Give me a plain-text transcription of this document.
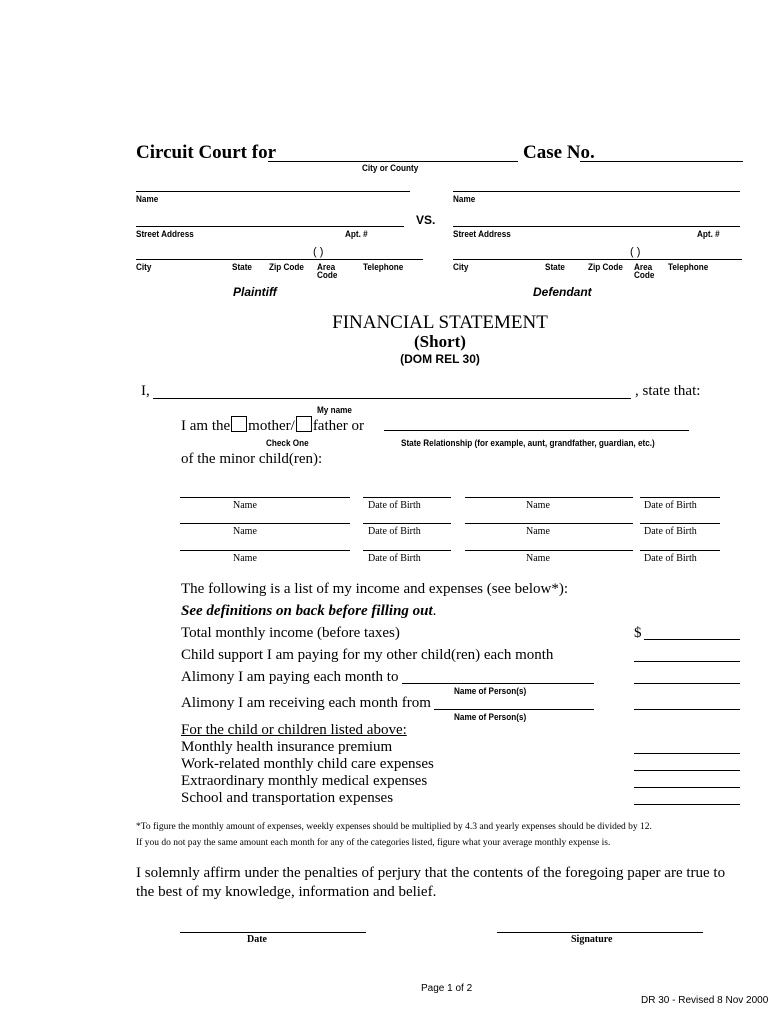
Circuit Court for	Case No.
City or County
Name
Street Address	Apt. #
( )
City	State Zip Code Area
Code
Telephone
Plaintiff
VS.
Name
Street Address	Apt. #
( )
City	State Zip Code Area
Code
Telephone
Defendant
FINANCIAL STATEMENT
(Short)
(DOM REL 30)
I,	, state that:
My name
I am the mother/ father or
Check One	State Relationship (for example, aunt, grandfather, guardian, etc.)
of the minor child(ren):
Name	Date of Birth	Name	Date of Birth
Name	Date of Birth	Name	Date of Birth
Name	Date of Birth	Name	Date of Birth
The following is a list of my income and expenses (see below*):
See definitions on back before filling out.
Total monthly income (before taxes)	$
Child support I am paying for my other child(ren) each month
Alimony I am paying each month to
Name of Person(s)
Alimony I am receiving each month from
Name of Person(s)
For the child or children listed above:
Monthly health insurance premium
Work-related monthly child care expenses
Extraordinary monthly medical expenses
School and transportation expenses
*To figure the monthly amount of expenses, weekly expenses should be multiplied by 4.3 and yearly expenses should be divided by 12.
If you do not pay the same amount each month for any of the categories listed, figure what your average monthly expense is.
I solemnly affirm under the penalties of perjury that the contents of the foregoing paper are true to
the best of my knowledge, information and belief.
Date	Signature
Page 1 of 2
DR 30 - Revised 8 Nov 2000
